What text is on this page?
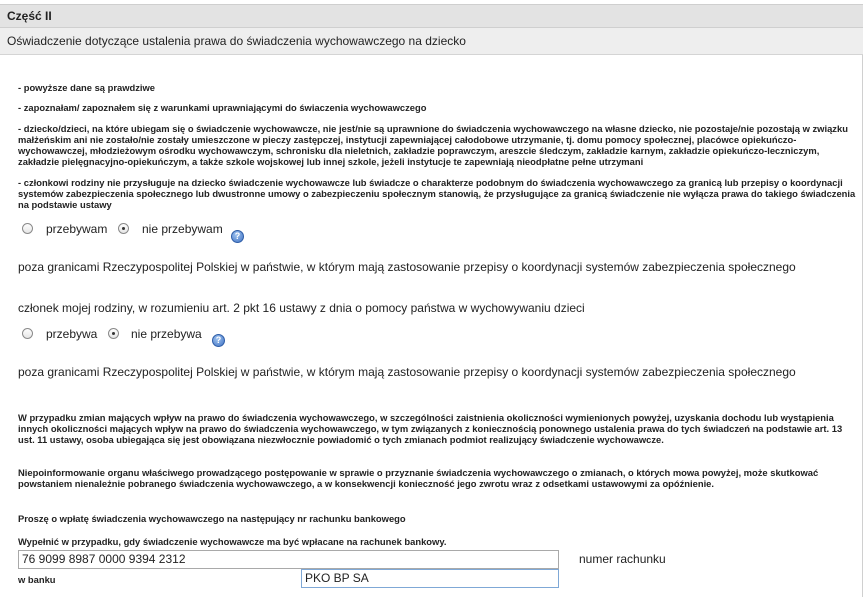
Część II
Oświadczenie dotyczące ustalenia prawa do świadczenia wychowawczego na dziecko
- powyższe dane są prawdziwe
- zapoznałam/ zapoznałem się z warunkami uprawniającymi do świaczenia wychowawczego
- dziecko/dzieci, na które ubiegam się o świadczenie wychowawcze, nie jest/nie są uprawnione do świadczenia wychowawczego na własne dziecko, nie pozostaje/nie pozostają w związku małżeńskim ani nie zostało/nie zostały umieszczone w pieczy zastępczej, instytucji zapewniającej całodobowe utrzymanie, tj. domu pomocy społecznej, placówce opiekuńczo-wychowawczej, młodzieżowym ośrodku wychowawczym, schronisku dla nieletnich, zakładzie poprawczym, areszcie śledczym, zakładzie karnym, zakładzie opiekuńczo-leczniczym, zakładzie pielęgnacyjno-opiekuńczym, a także szkole wojskowej lub innej szkole, jeżeli instytucje te zapewniają nieodpłatne pełne utrzymani
- członkowi rodziny nie przysługuje na dziecko świadczenie wychowawcze lub świadcze o charakterze podobnym do świadczenia wychowawczego za granicą lub przepisy o koordynacji systemów zabezpieczenia społecznego lub dwustronne umowy o zabezpieczeniu społecznym stanowią, że przysługujące za granicą świadczenie nie wyłącza prawa do takiego świadczenia na podstawie ustawy
przebywam	nie przebywam	?
poza granicami Rzeczypospolitej Polskiej w państwie, w którym mają zastosowanie przepisy o koordynacji systemów zabezpieczenia społecznego
członek mojej rodziny, w rozumieniu art. 2 pkt 16 ustawy z dnia o pomocy państwa w wychowywaniu dzieci
przebywa	nie przebywa	?
poza granicami Rzeczypospolitej Polskiej w państwie, w którym mają zastosowanie przepisy o koordynacji systemów zabezpieczenia społecznego
W przypadku zmian mających wpływ na prawo do świadczenia wychowawczego, w szczególności zaistnienia okoliczności wymienionych powyżej, uzyskania dochodu lub wystąpienia innych okoliczności mających wpływ na prawo do świadczenia wychowawczego, w tym związanych z koniecznością ponownego ustalenia prawa do tych świadczeń na podstawie art. 13 ust. 11 ustawy, osoba ubiegająca się jest obowiązana niezwłocznie powiadomić o tych zmianach podmiot realizujący świadczenie wychowawcze.
Niepoinformowanie organu właściwego prowadzącego postępowanie w sprawie o przyznanie świadczenia wychowawczego o zmianach, o których mowa powyżej, może skutkować powstaniem nienależnie pobranego świadczenia wychowawczego, a w konsekwencji konieczność jego zwrotu wraz z odsetkami ustawowymi za opóźnienie.
Proszę o wpłatę świadczenia wychowawczego na następujący nr rachunku bankowego
Wypełnić w przypadku, gdy świadczenie wychowawcze ma być wpłacane na rachunek bankowy.
76 9099 8987 0000 9394 2312	numer rachunku
w banku	PKO BP SA
